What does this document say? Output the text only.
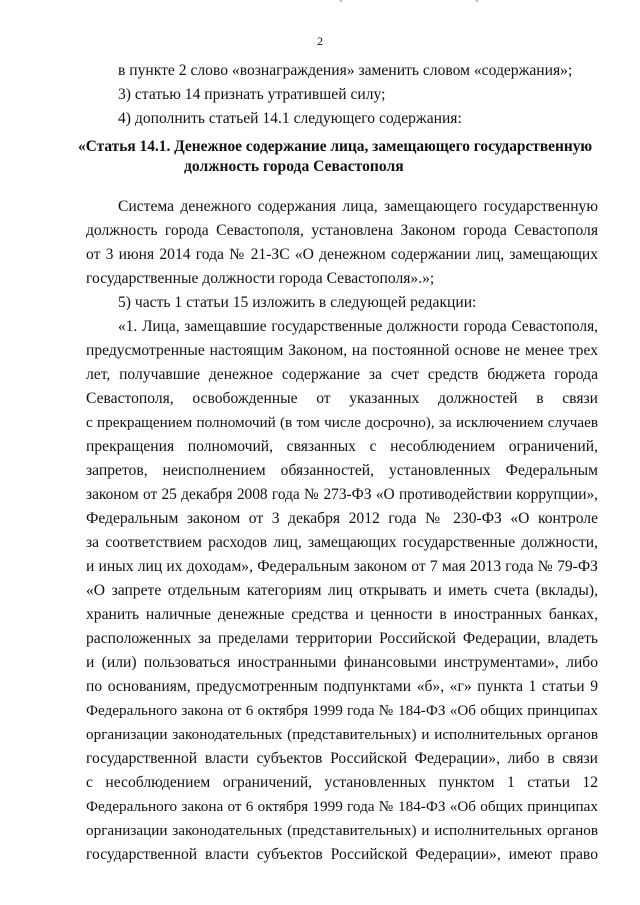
2
в пункте 2 слово «вознаграждения» заменить словом «содержания»;
3) статью 14 признать утратившей силу;
4) дополнить статьей 14.1 следующего содержания:
«Статья 14.1. Денежное содержание лица, замещающего государственную
должность города Севастополя
Система денежного содержания лица, замещающего государственную
должность города Севастополя, установлена Законом города Севастополя
от 3 июня 2014 года № 21-ЗС «О денежном содержании лиц, замещающих
государственные должности города Севастополя».»;
5) часть 1 статьи 15 изложить в следующей редакции:
«1. Лица, замещавшие государственные должности города Севастополя,
предусмотренные настоящим Законом, на постоянной основе не менее трех
лет, получавшие денежное содержание за счет средств бюджета города
Севастополя, освобожденные от указанных должностей в связи
с прекращением полномочий (в том числе досрочно), за исключением случаев
прекращения полномочий, связанных с несоблюдением ограничений,
запретов, неисполнением обязанностей, установленных Федеральным
законом от 25 декабря 2008 года № 273-ФЗ «О противодействии коррупции»,
Федеральным законом от 3 декабря 2012 года № 230-ФЗ «О контроле
за соответствием расходов лиц, замещающих государственные должности,
и иных лиц их доходам», Федеральным законом от 7 мая 2013 года № 79-ФЗ
«О запрете отдельным категориям лиц открывать и иметь счета (вклады),
хранить наличные денежные средства и ценности в иностранных банках,
расположенных за пределами территории Российской Федерации, владеть
и (или) пользоваться иностранными финансовыми инструментами», либо
по основаниям, предусмотренным подпунктами «б», «г» пункта 1 статьи 9
Федерального закона от 6 октября 1999 года № 184-ФЗ «Об общих принципах
организации законодательных (представительных) и исполнительных органов
государственной власти субъектов Российской Федерации», либо в связи
с несоблюдением ограничений, установленных пунктом 1 статьи 12
Федерального закона от 6 октября 1999 года № 184-ФЗ «Об общих принципах
организации законодательных (представительных) и исполнительных органов
государственной власти субъектов Российской Федерации», имеют право
